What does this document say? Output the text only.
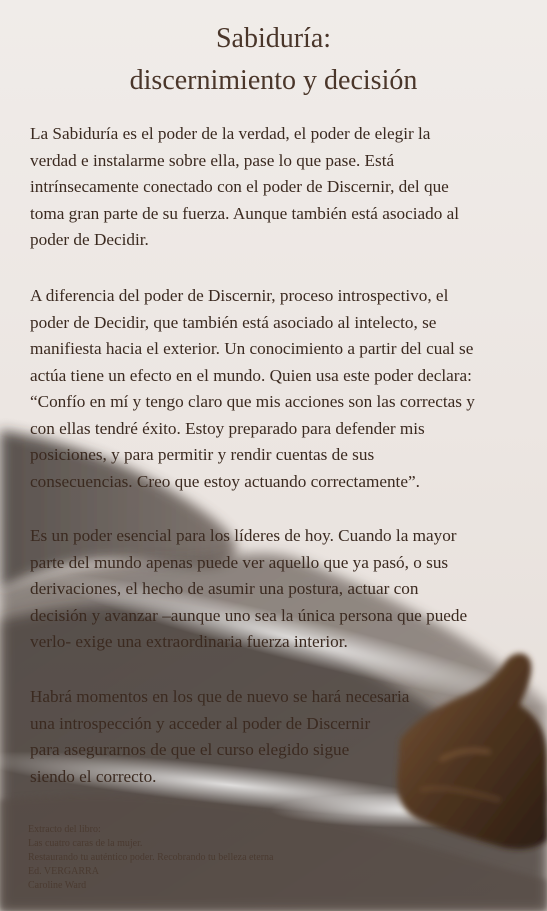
Sabiduría:
discernimiento y decisión
La Sabiduría es el poder de la verdad, el poder de elegir la
verdad e instalarme sobre ella, pase lo que pase. Está
intrínsecamente conectado con el poder de Discernir, del que
toma gran parte de su fuerza. Aunque también está asociado al
poder de Decidir.
A diferencia del poder de Discernir, proceso introspectivo, el
poder de Decidir, que también está asociado al intelecto, se
manifiesta hacia el exterior. Un conocimiento a partir del cual se
actúa tiene un efecto en el mundo. Quien usa este poder declara:
“Confío en mí y tengo claro que mis acciones son las correctas y
con ellas tendré éxito. Estoy preparado para defender mis
posiciones, y para permitir y rendir cuentas de sus
consecuencias. Creo que estoy actuando correctamente”.
Es un poder esencial para los líderes de hoy. Cuando la mayor
parte del mundo apenas puede ver aquello que ya pasó, o sus
derivaciones, el hecho de asumir una postura, actuar con
decisión y avanzar –aunque uno sea la única persona que puede
verlo- exige una extraordinaria fuerza interior.
Habrá momentos en los que de nuevo se hará necesaria
una introspección y acceder al poder de Discernir
para asegurarnos de que el curso elegido sigue
siendo el correcto.
Extracto del libro:
Las cuatro caras de la mujer.
Restaurando tu auténtico poder. Recobrando tu belleza eterna
Ed. VERGARRA
Caroline Ward
